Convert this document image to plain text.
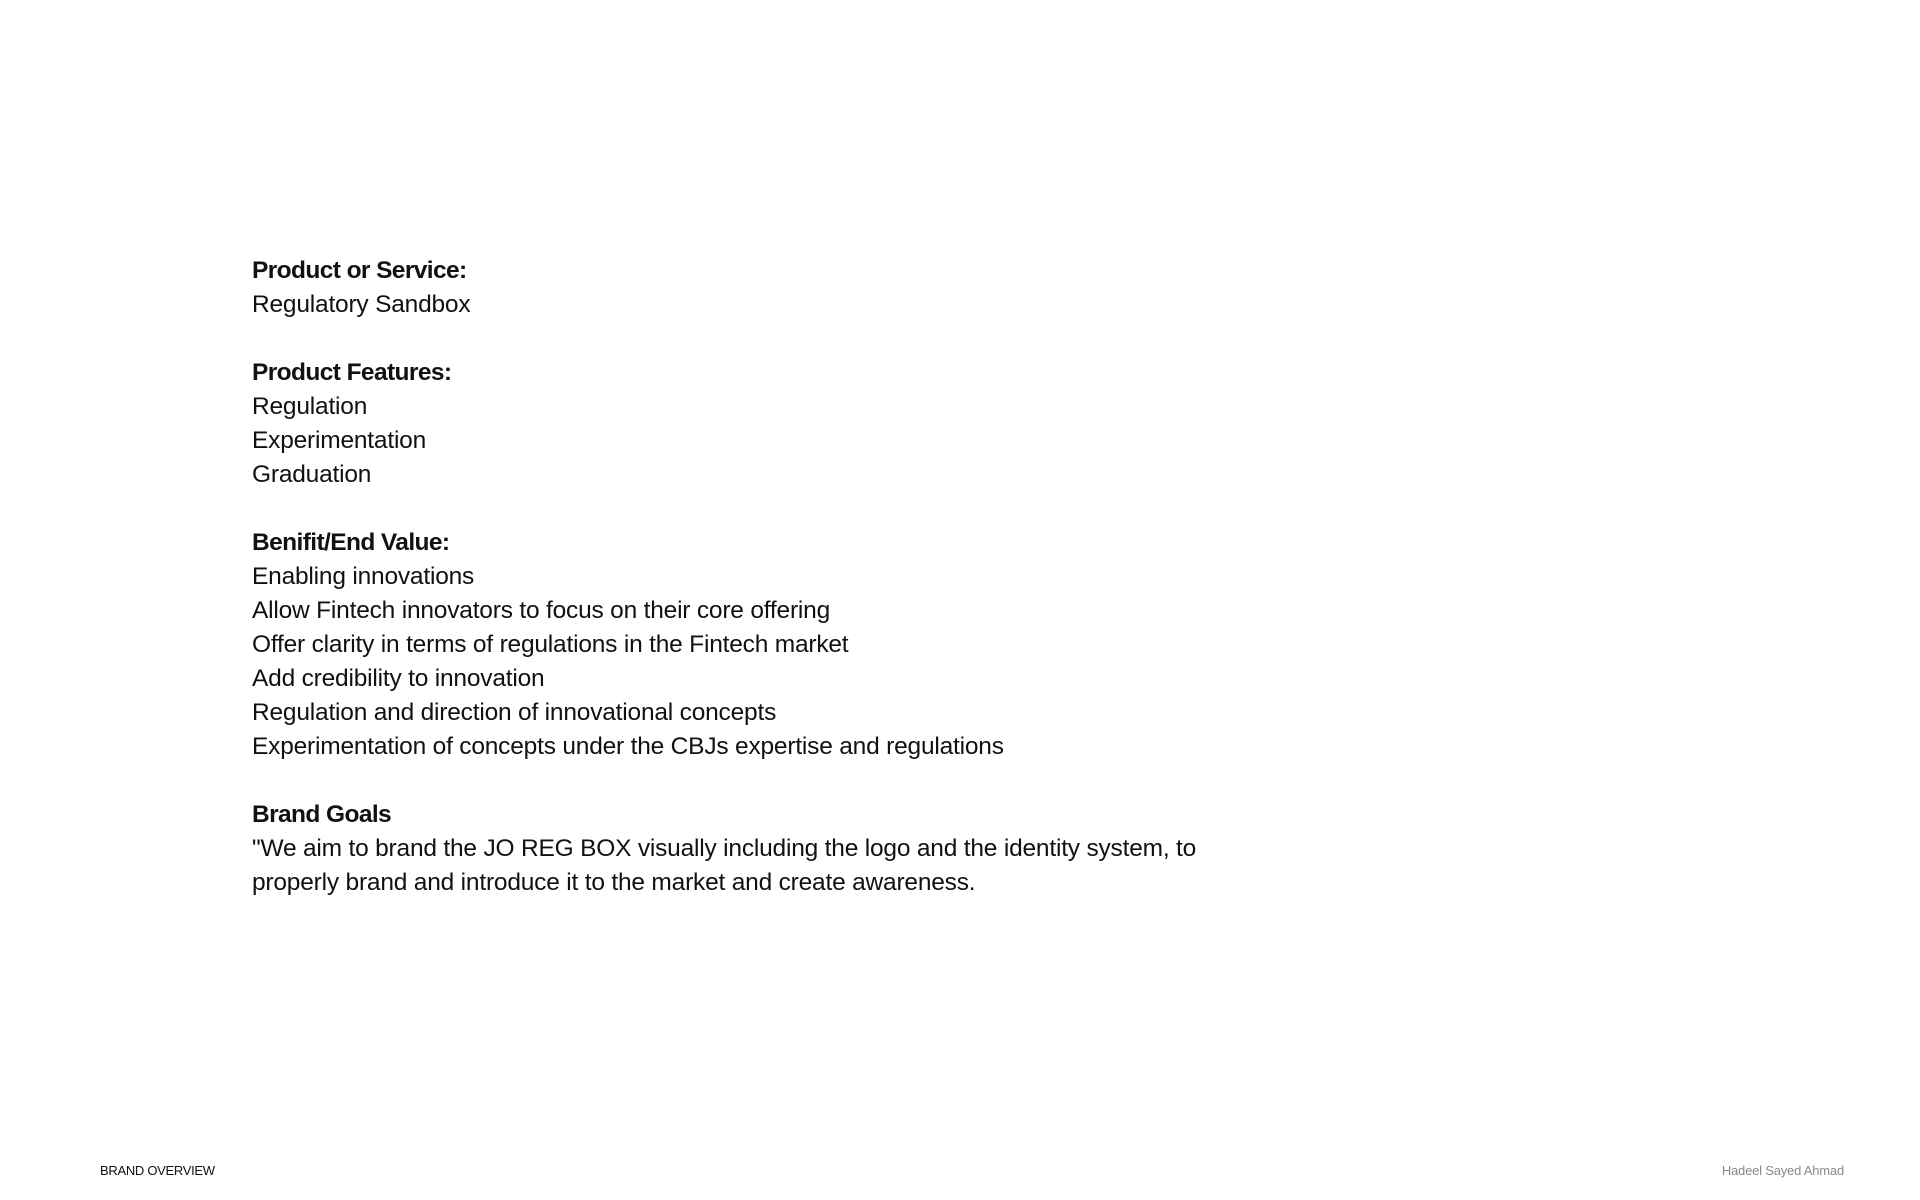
Product or Service:

Regulatory Sandbox

Product Features:

Regulation

Experimentation

Graduation

Benifit/End Value:

Enabling innovations

Allow Fintech innovators to focus on their core offering

Offer clarity in terms of regulations in the Fintech market

Add credibility to innovation

Regulation and direction of innovational concepts

Experimentation of concepts under the CBJs expertise and regulations

Brand Goals

"We aim to brand the JO REG BOX visually including the logo and the identity system, to properly brand and introduce it to the market and create awareness.

BRAND OVERVIEW	Hadeel Sayed Ahmad
